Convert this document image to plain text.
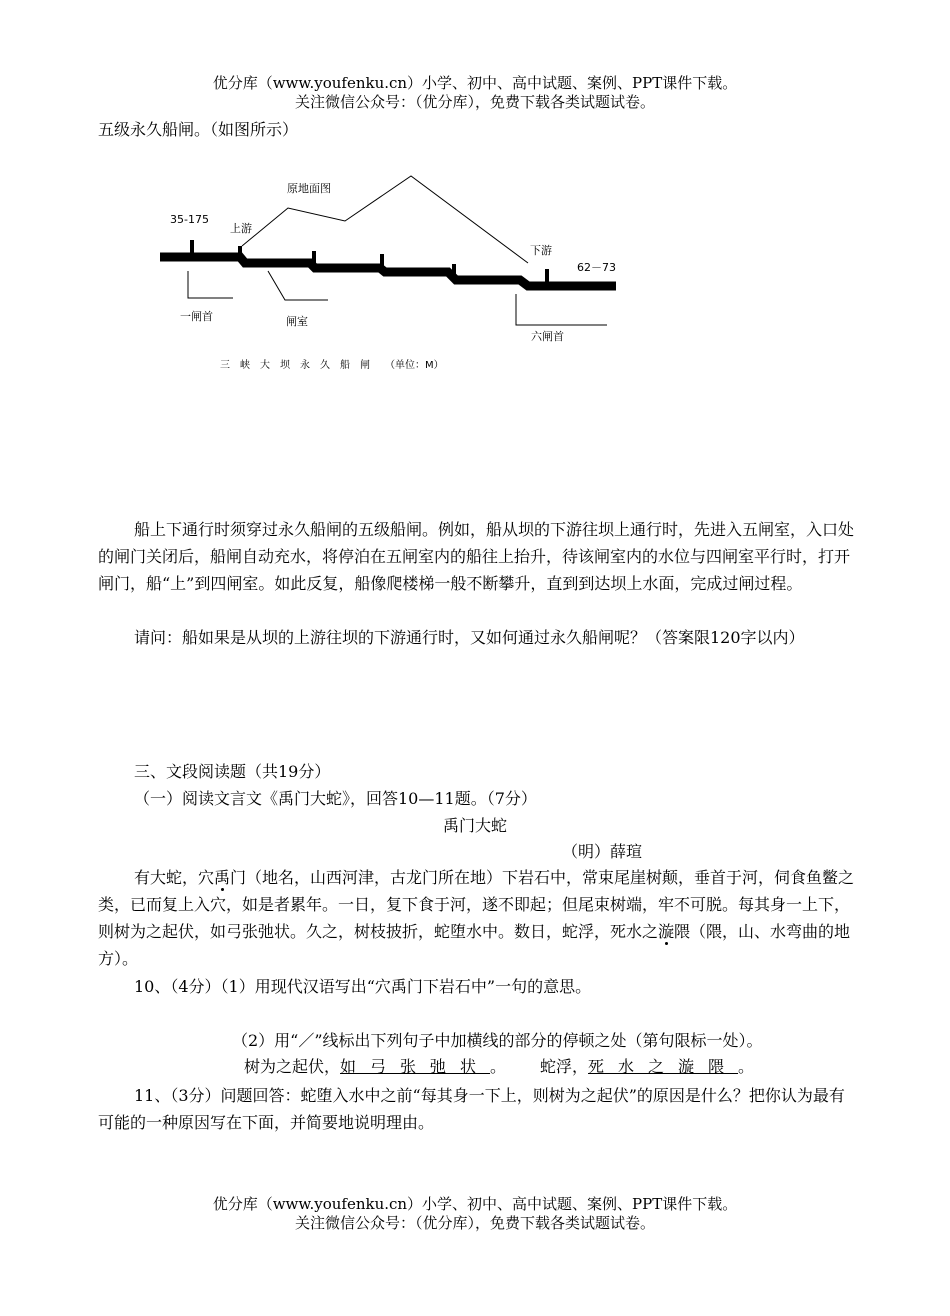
优分库（www.youfenku.cn）小学、初中、高中试题、案例、PPT课件下载。

关注微信公众号：（优分库），免费下载各类试题试卷。

五级永久船闸。（如图所示）

原地面图
35-175
上游
下游
62－73
一闸首	闸室
六闸首
三　峡　大　坝　永　久　船　闸　　（单位：M）

船上下通行时须穿过永久船闸的五级船闸。例如，船从坝的下游往坝上通行时，先进入五闸室，入口处的闸门关闭后，船闸自动充水，将停泊在五闸室内的船往上抬升，待该闸室内的水位与四闸室平行时，打开闸门，船“上”到四闸室。如此反复，船像爬楼梯一般不断攀升，直到到达坝上水面，完成过闸过程。

请问：船如果是从坝的上游往坝的下游通行时，又如何通过永久船闸呢？（答案限120字以内）

三、文段阅读题（共19分）

（一）阅读文言文《禹门大蛇》，回答10—11题。（7分）

禹门大蛇

（明）薛瑄

有大蛇，穴禹门（地名，山西河津，古龙门所在地）下岩石中，常束尾崖树颠，垂首于河，伺食鱼鳖之类，已而复上入穴，如是者累年。一日，复下食于河，遂不即起；但尾束树端，牢不可脱。每其身一上下，则树为之起伏，如弓张弛状。久之，树枝披折，蛇堕水中。数日，蛇浮，死水之漩隈（隈，山、水弯曲的地方）。

10、（4分）（1）用现代汉语写出“穴禹门下岩石中”一句的意思。

（2）用“／”线标出下列句子中加横线的部分的停顿之处（第句限标一处）。

树为之起伏，如弓张弛状。 蛇浮，死水之漩隈。

11、（3分）问题回答：蛇堕入水中之前“每其身一下上，则树为之起伏”的原因是什么？把你认为最有可能的一种原因写在下面，并简要地说明理由。

优分库（www.youfenku.cn）小学、初中、高中试题、案例、PPT课件下载。

关注微信公众号：（优分库），免费下载各类试题试卷。
